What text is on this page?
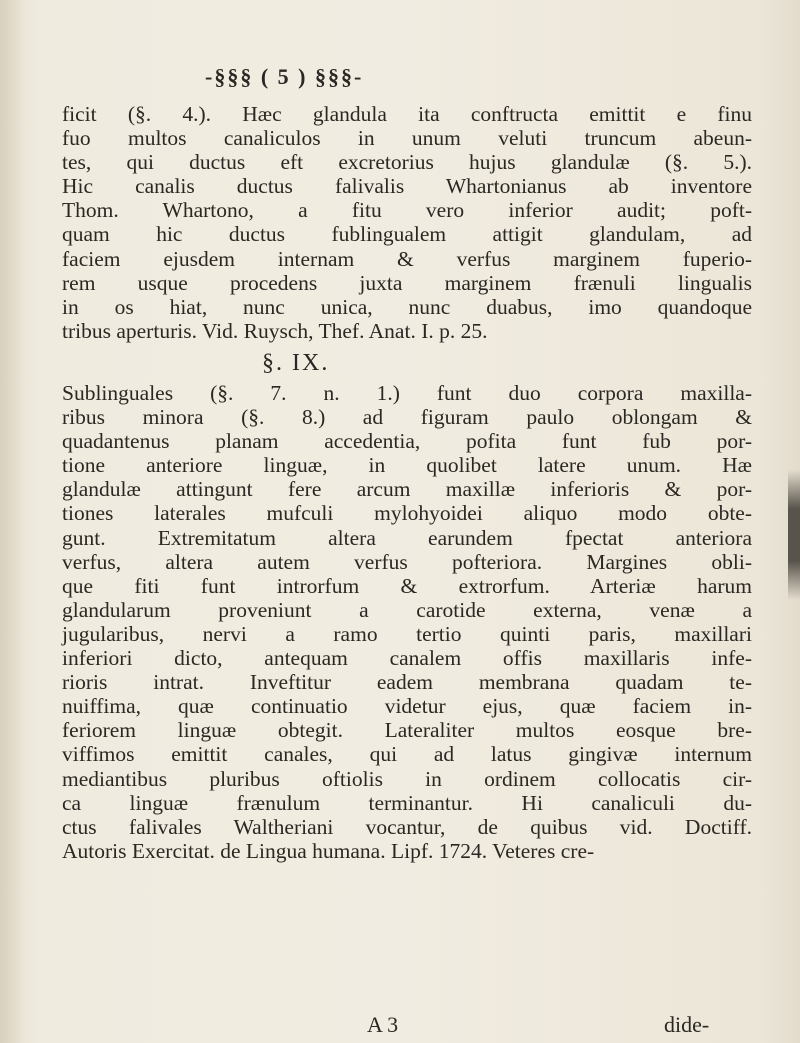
-§§§ ( 5 ) §§§-
ficit (§. 4.). Hæc glandula ita conftructa emittit e finu
fuo multos canaliculos in unum veluti truncum abeun-
tes, qui ductus eft excretorius hujus glandulæ (§. 5.).
Hic canalis ductus falivalis Whartonianus ab inventore
Thom. Whartono, a fitu vero inferior audit; poft-
quam hic ductus fublingualem attigit glandulam, ad
faciem ejusdem internam & verfus marginem fuperio-
rem usque procedens juxta marginem frænuli lingualis
in os hiat, nunc unica, nunc duabus, imo quandoque
tribus aperturis. Vid. Ruysch, Thef. Anat. I. p. 25.
§. IX.
Sublinguales (§. 7. n. 1.) funt duo corpora maxilla-
ribus minora (§. 8.) ad figuram paulo oblongam &
quadantenus planam accedentia, pofita funt fub por-
tione anteriore linguæ, in quolibet latere unum. Hæ
glandulæ attingunt fere arcum maxillæ inferioris & por-
tiones laterales mufculi mylohyoidei aliquo modo obte-
gunt. Extremitatum altera earundem fpectat anteriora
verfus, altera autem verfus pofteriora. Margines obli-
que fiti funt introrfum & extrorfum. Arteriæ harum
glandularum proveniunt a carotide externa, venæ a
jugularibus, nervi a ramo tertio quinti paris, maxillari
inferiori dicto, antequam canalem offis maxillaris infe-
rioris intrat. Inveftitur eadem membrana quadam te-
nuiffima, quæ continuatio videtur ejus, quæ faciem in-
feriorem linguæ obtegit. Lateraliter multos eosque bre-
viffimos emittit canales, qui ad latus gingivæ internum
mediantibus pluribus oftiolis in ordinem collocatis cir-
ca linguæ frænulum terminantur. Hi canaliculi du-
ctus falivales Waltheriani vocantur, de quibus vid. Doctiff.
Autoris Exercitat. de Lingua humana. Lipf. 1724. Veteres cre-
A 3	dide-
